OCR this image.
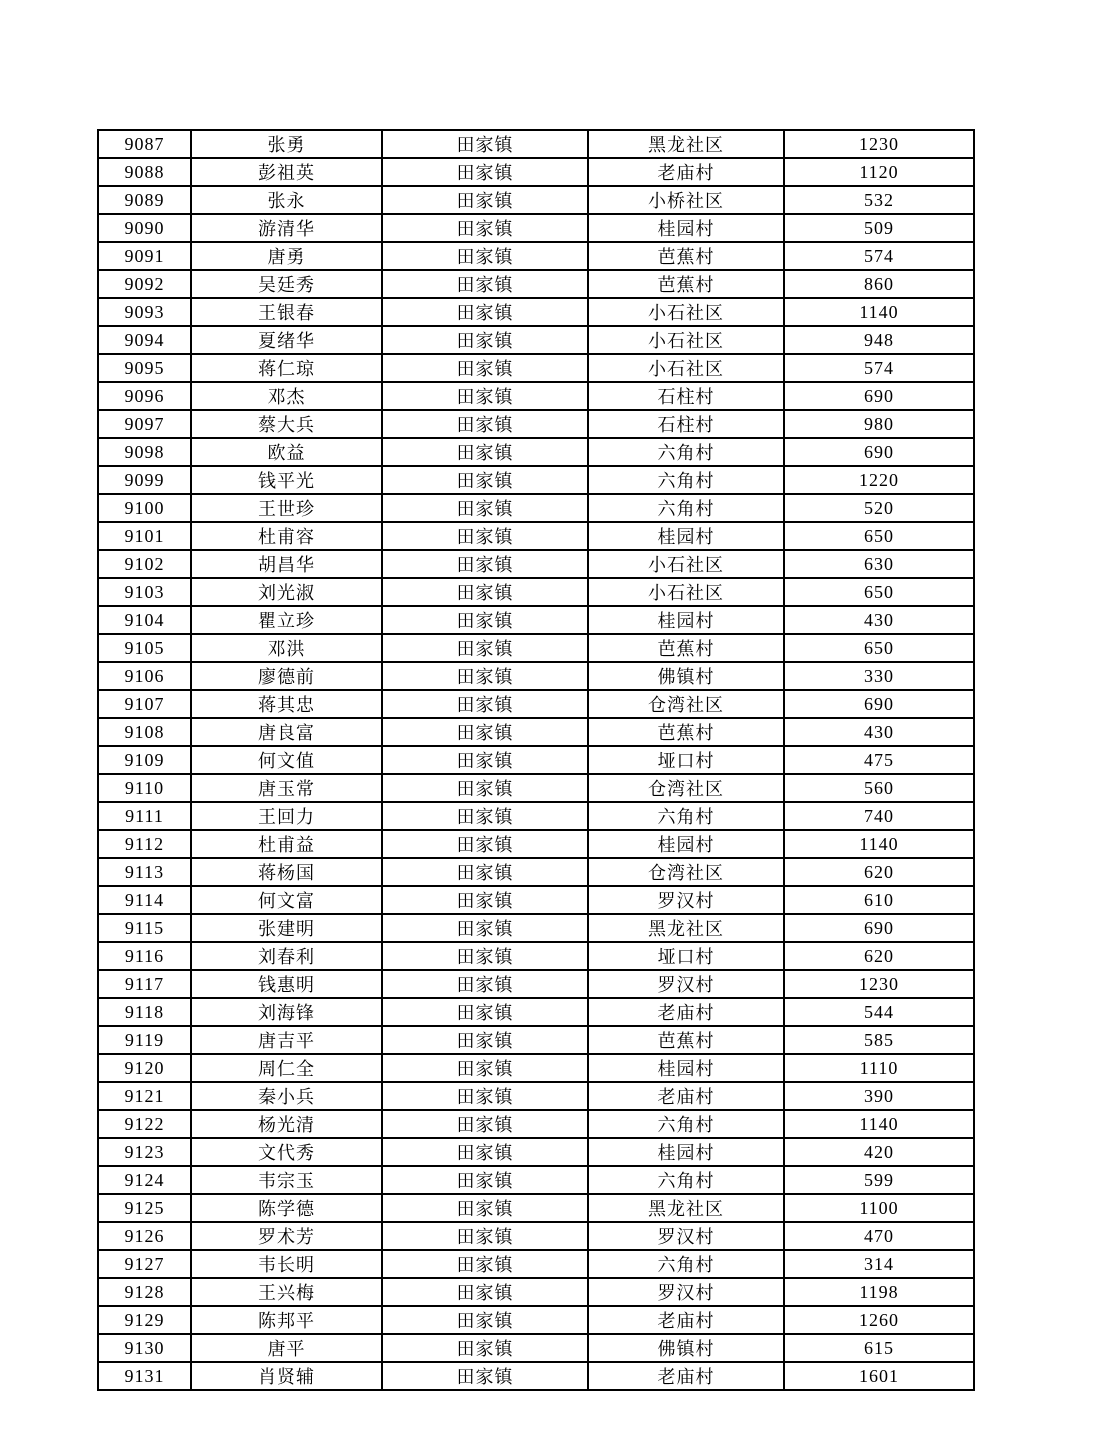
9087	张勇	田家镇	黑龙社区	1230
9088	彭祖英	田家镇	老庙村	1120
9089	张永	田家镇	小桥社区	532
9090	游清华	田家镇	桂园村	509
9091	唐勇	田家镇	芭蕉村	574
9092	吴廷秀	田家镇	芭蕉村	860
9093	王银春	田家镇	小石社区	1140
9094	夏绪华	田家镇	小石社区	948
9095	蒋仁琼	田家镇	小石社区	574
9096	邓杰	田家镇	石柱村	690
9097	蔡大兵	田家镇	石柱村	980
9098	欧益	田家镇	六角村	690
9099	钱平光	田家镇	六角村	1220
9100	王世珍	田家镇	六角村	520
9101	杜甫容	田家镇	桂园村	650
9102	胡昌华	田家镇	小石社区	630
9103	刘光淑	田家镇	小石社区	650
9104	瞿立珍	田家镇	桂园村	430
9105	邓洪	田家镇	芭蕉村	650
9106	廖德前	田家镇	佛镇村	330
9107	蒋其忠	田家镇	仓湾社区	690
9108	唐良富	田家镇	芭蕉村	430
9109	何文值	田家镇	垭口村	475
9110	唐玉常	田家镇	仓湾社区	560
9111	王回力	田家镇	六角村	740
9112	杜甫益	田家镇	桂园村	1140
9113	蒋杨国	田家镇	仓湾社区	620
9114	何文富	田家镇	罗汉村	610
9115	张建明	田家镇	黑龙社区	690
9116	刘春利	田家镇	垭口村	620
9117	钱惠明	田家镇	罗汉村	1230
9118	刘海锋	田家镇	老庙村	544
9119	唐吉平	田家镇	芭蕉村	585
9120	周仁全	田家镇	桂园村	1110
9121	秦小兵	田家镇	老庙村	390
9122	杨光清	田家镇	六角村	1140
9123	文代秀	田家镇	桂园村	420
9124	韦宗玉	田家镇	六角村	599
9125	陈学德	田家镇	黑龙社区	1100
9126	罗术芳	田家镇	罗汉村	470
9127	韦长明	田家镇	六角村	314
9128	王兴梅	田家镇	罗汉村	1198
9129	陈邦平	田家镇	老庙村	1260
9130	唐平	田家镇	佛镇村	615
9131	肖贤辅	田家镇	老庙村	1601
